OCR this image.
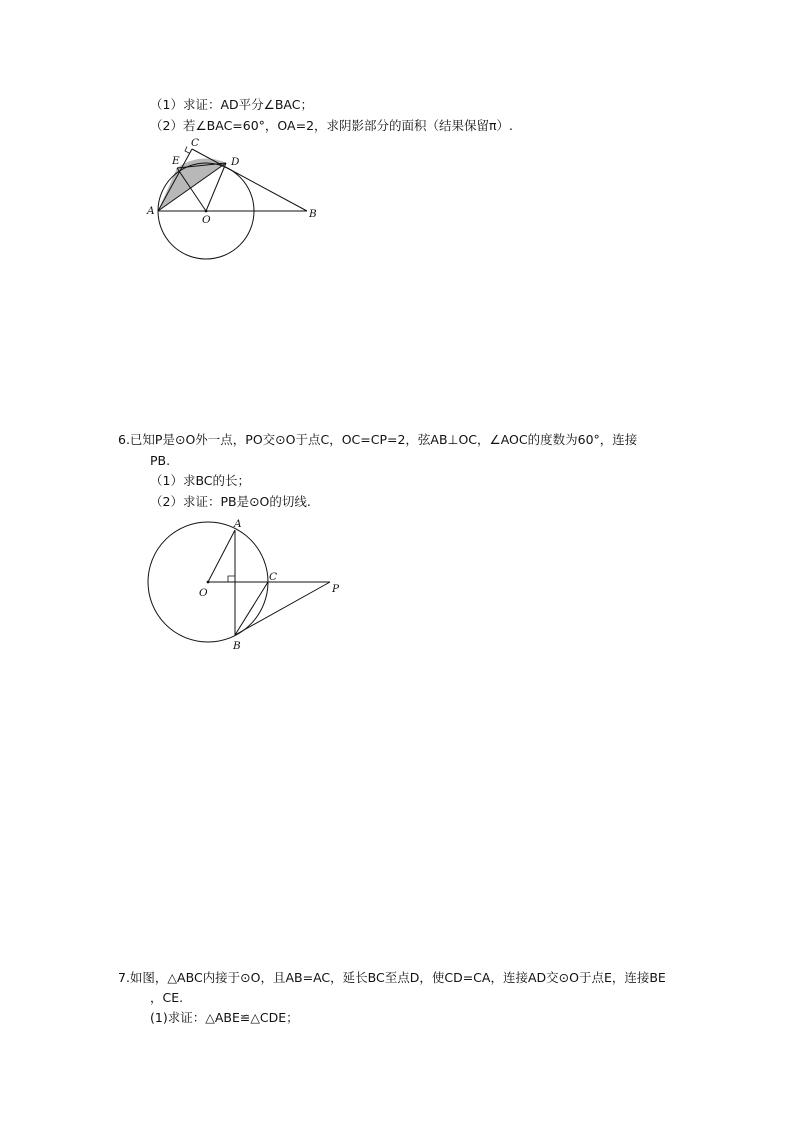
（1）求证：AD平分∠BAC；
（2）若∠BAC=60°，OA=2，求阴影部分的面积（结果保留π）.
A	B
C
D
E
O
6.已知P是⊙O外一点，PO交⊙O于点C，OC=CP=2，弦AB⊥OC，∠AOC的度数为60°，连接
PB.
（1）求BC的长；
（2）求证：PB是⊙O的切线.
A
B
C
O	P
7.如图，△ABC内接于⊙O，且AB=AC，延长BC至点D，使CD=CA，连接AD交⊙O于点E，连接BE
，CE.
(1)求证：△ABE≌△CDE；
